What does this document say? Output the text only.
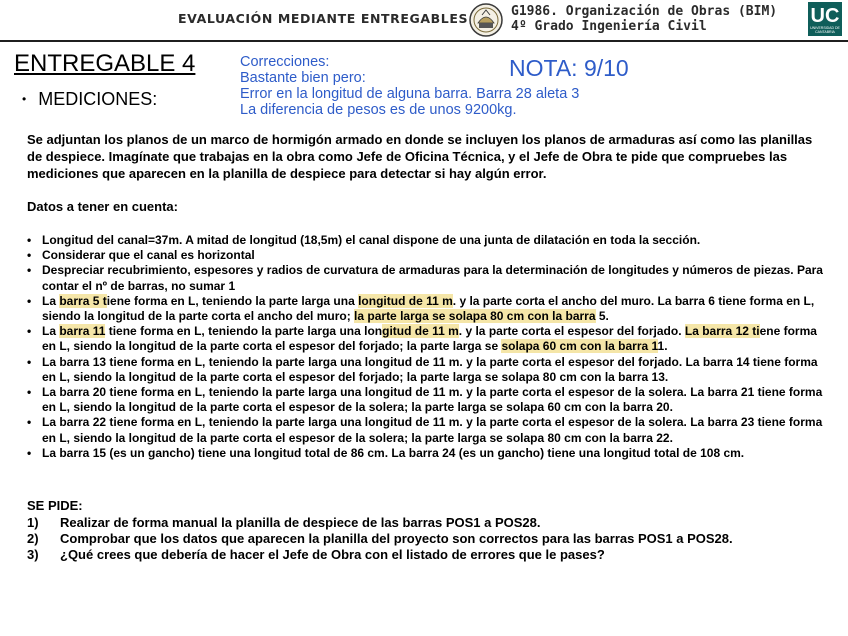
EVALUACIÓN MEDIANTE ENTREGABLES	G1986. Organización de Obras (BIM)
4º Grado Ingeniería Civil	UC
UNIVERSIDAD DE CANTABRIA
ENTREGABLE 4
• MEDICIONES:
Correcciones:
Bastante bien pero:
Error en la longitud de alguna barra. Barra 28 aleta 3
La diferencia de pesos es de unos 9200kg.
NOTA: 9/10
Se adjuntan los planos de un marco de hormigón armado en donde se incluyen los planos de armaduras así como las planillas de despiece. Imagínate que trabajas en la obra como Jefe de Oficina Técnica, y el Jefe de Obra te pide que compruebes las mediciones que aparecen en la planilla de despiece para detectar si hay algún error.
Datos a tener en cuenta:
• Longitud del canal=37m. A mitad de longitud (18,5m) el canal dispone de una junta de dilatación en toda la sección.
• Considerar que el canal es horizontal
• Despreciar recubrimiento, espesores y radios de curvatura de armaduras para la determinación de longitudes y números de piezas. Para contar el nº de barras, no sumar 1
• La barra 5 tiene forma en L, teniendo la parte larga una longitud de 11 m. y la parte corta el ancho del muro. La barra 6 tiene forma en L, siendo la longitud de la parte corta el ancho del muro; la parte larga se solapa 80 cm con la barra 5.
• La barra 11 tiene forma en L, teniendo la parte larga una longitud de 11 m. y la parte corta el espesor del forjado. La barra 12 tiene forma en L, siendo la longitud de la parte corta el espesor del forjado; la parte larga se solapa 60 cm con la barra 11.
• La barra 13 tiene forma en L, teniendo la parte larga una longitud de 11 m. y la parte corta el espesor del forjado. La barra 14 tiene forma en L, siendo la longitud de la parte corta el espesor del forjado; la parte larga se solapa 80 cm con la barra 13.
• La barra 20 tiene forma en L, teniendo la parte larga una longitud de 11 m. y la parte corta el espesor de la solera. La barra 21 tiene forma en L, siendo la longitud de la parte corta el espesor de la solera; la parte larga se solapa 60 cm con la barra 20.
• La barra 22 tiene forma en L, teniendo la parte larga una longitud de 11 m. y la parte corta el espesor de la solera. La barra 23 tiene forma en L, siendo la longitud de la parte corta el espesor de la solera; la parte larga se solapa 80 cm con la barra 22.
• La barra 15 (es un gancho) tiene una longitud total de 86 cm. La barra 24 (es un gancho) tiene una longitud total de 108 cm.
SE PIDE:
1) Realizar de forma manual la planilla de despiece de las barras POS1 a POS28.
2) Comprobar que los datos que aparecen la planilla del proyecto son correctos para las barras POS1 a POS28.
3) ¿Qué crees que debería de hacer el Jefe de Obra con el listado de errores que le pases?
